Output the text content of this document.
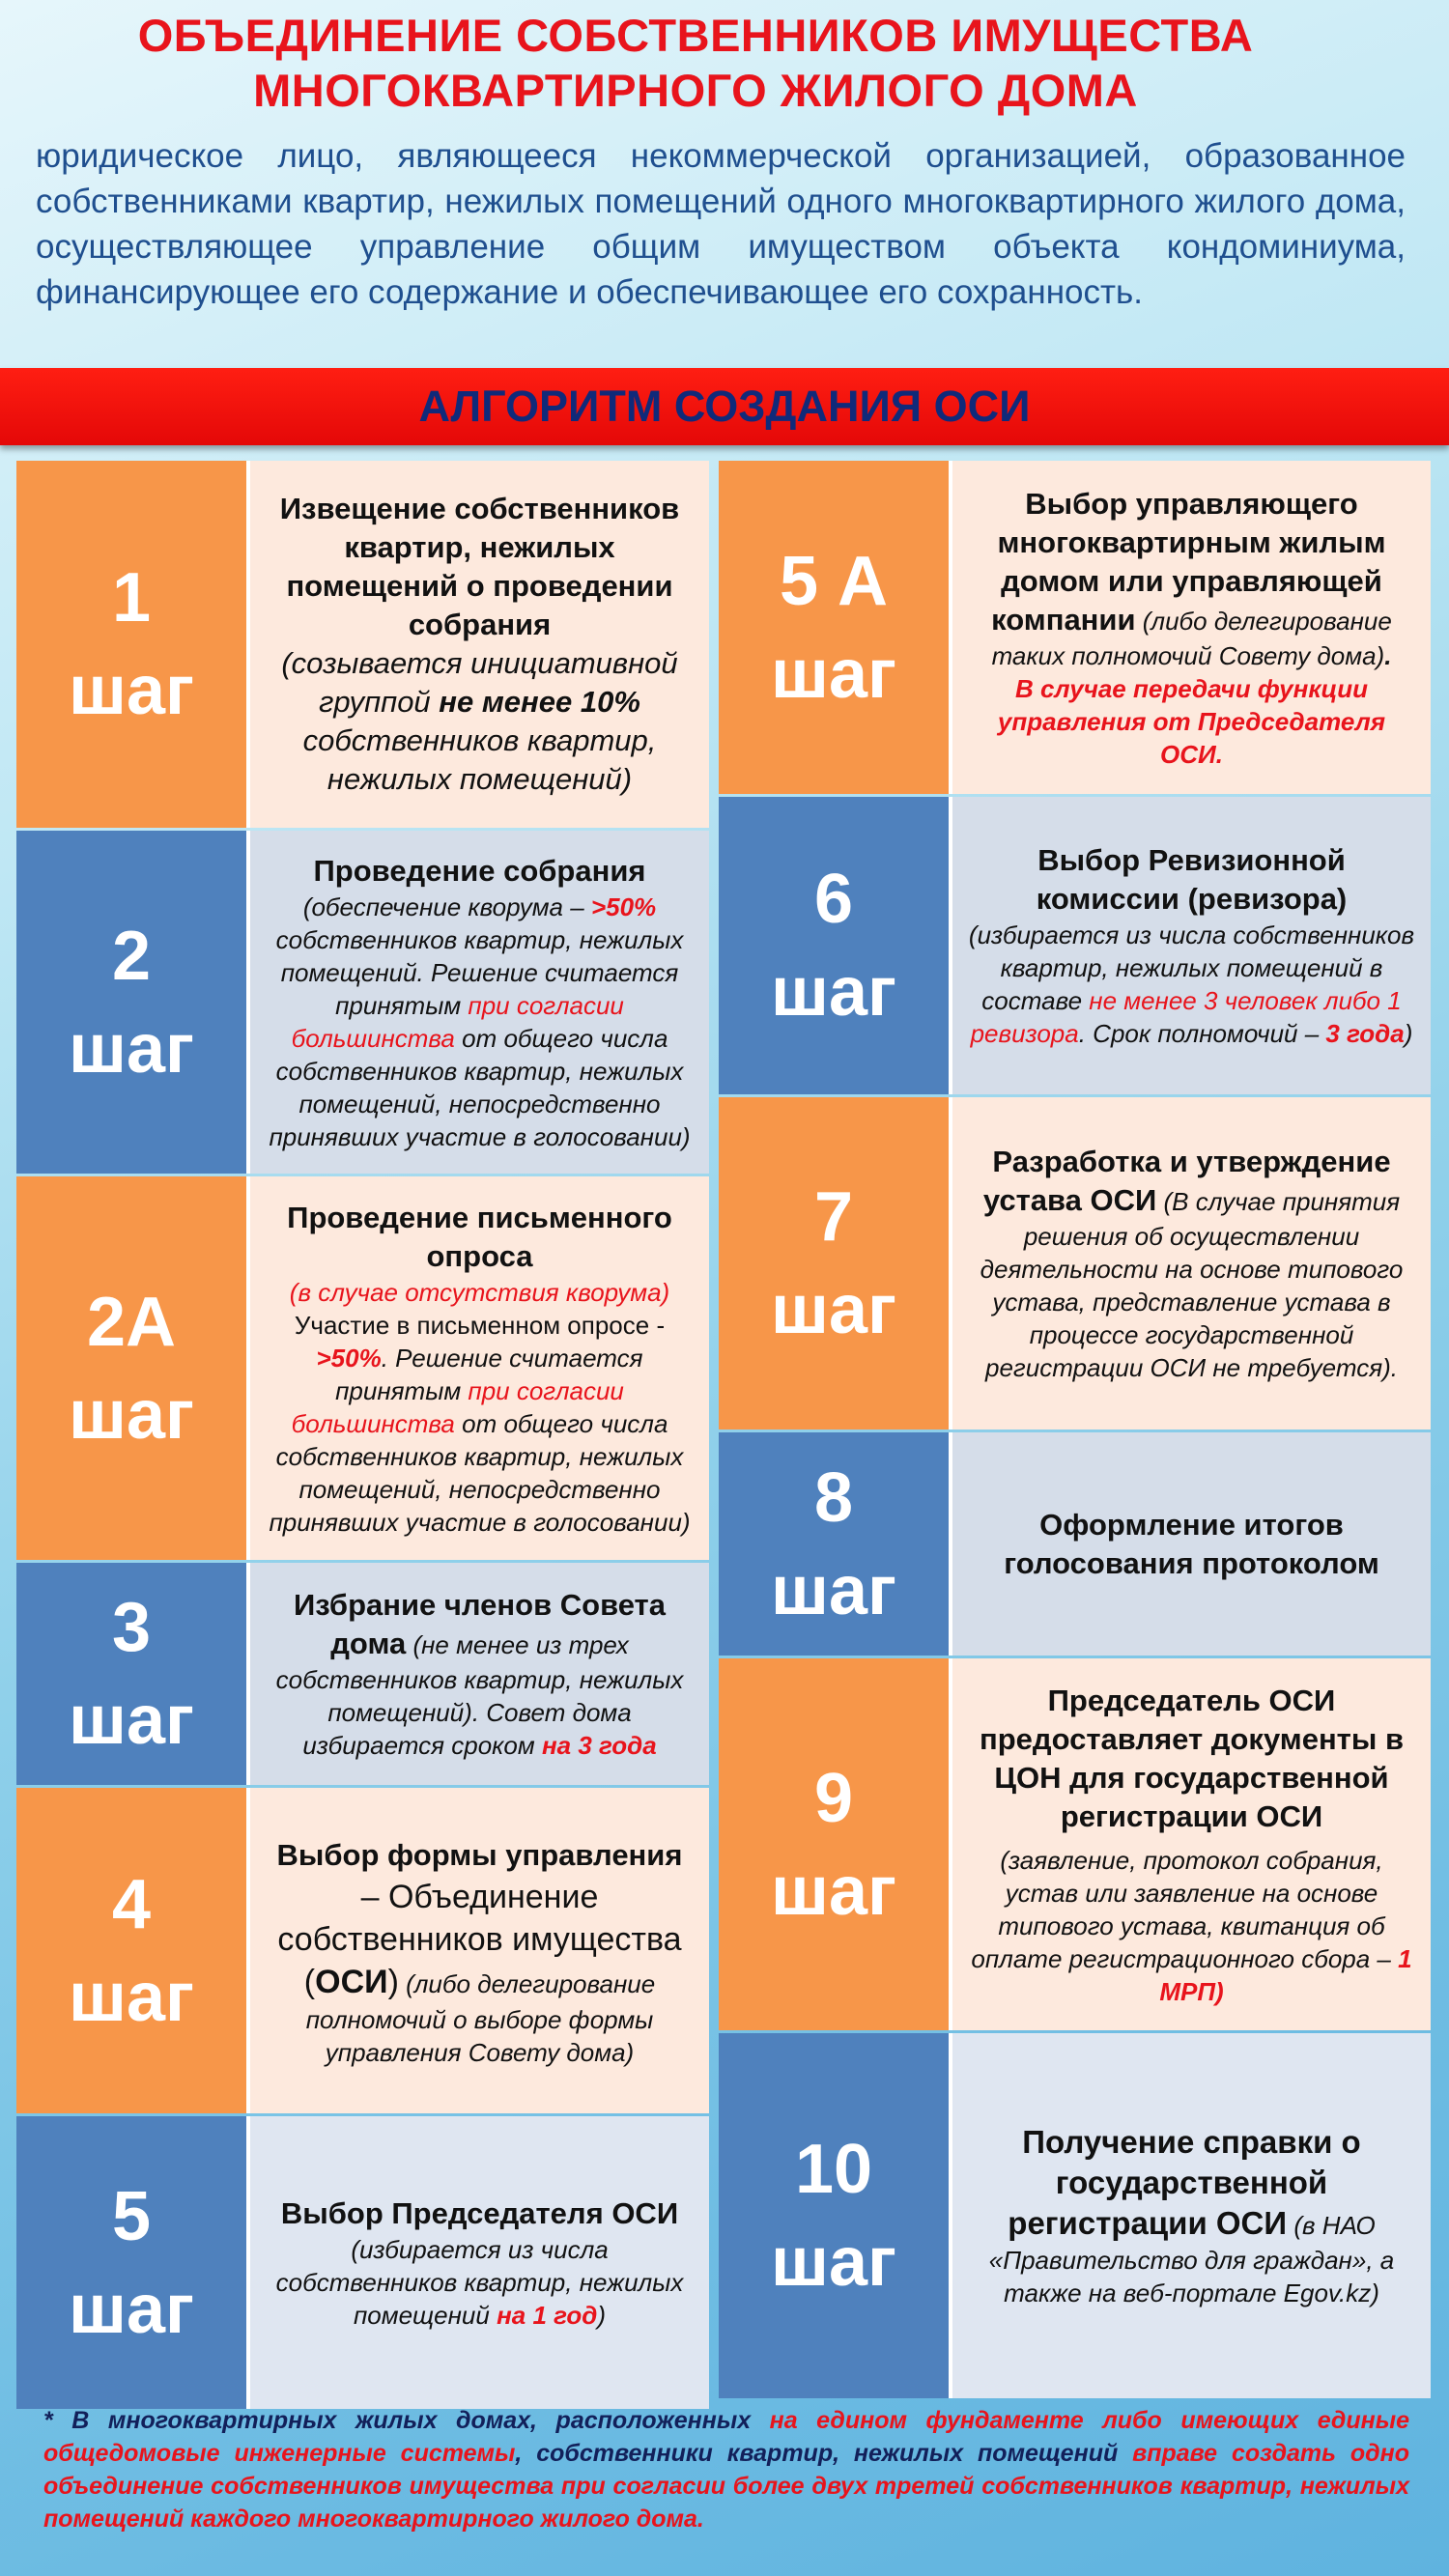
ОБЪЕДИНЕНИЕ СОБСТВЕННИКОВ ИМУЩЕСТВА
МНОГОКВАРТИРНОГО ЖИЛОГО ДОМА
юридическое лицо, являющееся некоммерческой организацией, образованное собственниками квартир, нежилых помещений одного многоквартирного жилого дома, осуществляющее управление общим имуществом объекта кондоминиума, финансирующее его содержание и обеспечивающее его сохранность.
АЛГОРИТМ СОЗДАНИЯ ОСИ
1
шаг
Извещение собственников квартир, нежилых помещений о проведении собрания
(созывается инициативной группой не менее 10% собственников квартир, нежилых помещений)
2
шаг
Проведение собрания
(обеспечение кворума – >50% собственников квартир, нежилых помещений. Решение считается принятым при согласии большинства от общего числа собственников квартир, нежилых помещений, непосредственно принявших участие в голосовании)
2А
шаг
Проведение письменного опроса
(в случае отсутствия кворума)
Участие в письменном опросе - >50%. Решение считается принятым при согласии большинства от общего числа собственников квартир, нежилых помещений, непосредственно принявших участие в голосовании)
3
шаг
Избрание членов Совета дома (не менее из трех собственников квартир, нежилых помещений). Совет дома избирается сроком на 3 года
4
шаг
Выбор формы управления – Объединение собственников имущества (ОСИ) (либо делегирование полномочий о выборе формы управления Совету дома)
5
шаг
Выбор Председателя ОСИ (избирается из числа собственников квартир, нежилых помещений на 1 год)
5 А
шаг
Выбор управляющего многоквартирным жилым домом или управляющей компании (либо делегирование таких полномочий Совету дома).
В случае передачи функции управления от Председателя ОСИ.
6
шаг
Выбор Ревизионной комиссии (ревизора)
(избирается из числа собственников квартир, нежилых помещений в составе не менее 3 человек либо 1 ревизора. Срок полномочий – 3 года)
7
шаг
Разработка и утверждение устава ОСИ (В случае принятия решения об осуществлении деятельности на основе типового устава, представление устава в процессе государственной регистрации ОСИ не требуется).
8
шаг
Оформление итогов голосования протоколом
9
шаг
Председатель ОСИ предоставляет документы в ЦОН для государственной регистрации ОСИ
(заявление, протокол собрания, устав или заявление на основе типового устава, квитанция об оплате регистрационного сбора – 1 МРП)
10
шаг
Получение справки о государственной регистрации ОСИ (в НАО «Правительство для граждан», а также на веб-портале Egov.kz)
* В многоквартирных жилых домах, расположенных на едином фундаменте либо имеющих единые общедомовые инженерные системы, собственники квартир, нежилых помещений вправе создать одно объединение собственников имущества при согласии более двух третей собственников квартир, нежилых помещений каждого многоквартирного жилого дома.
